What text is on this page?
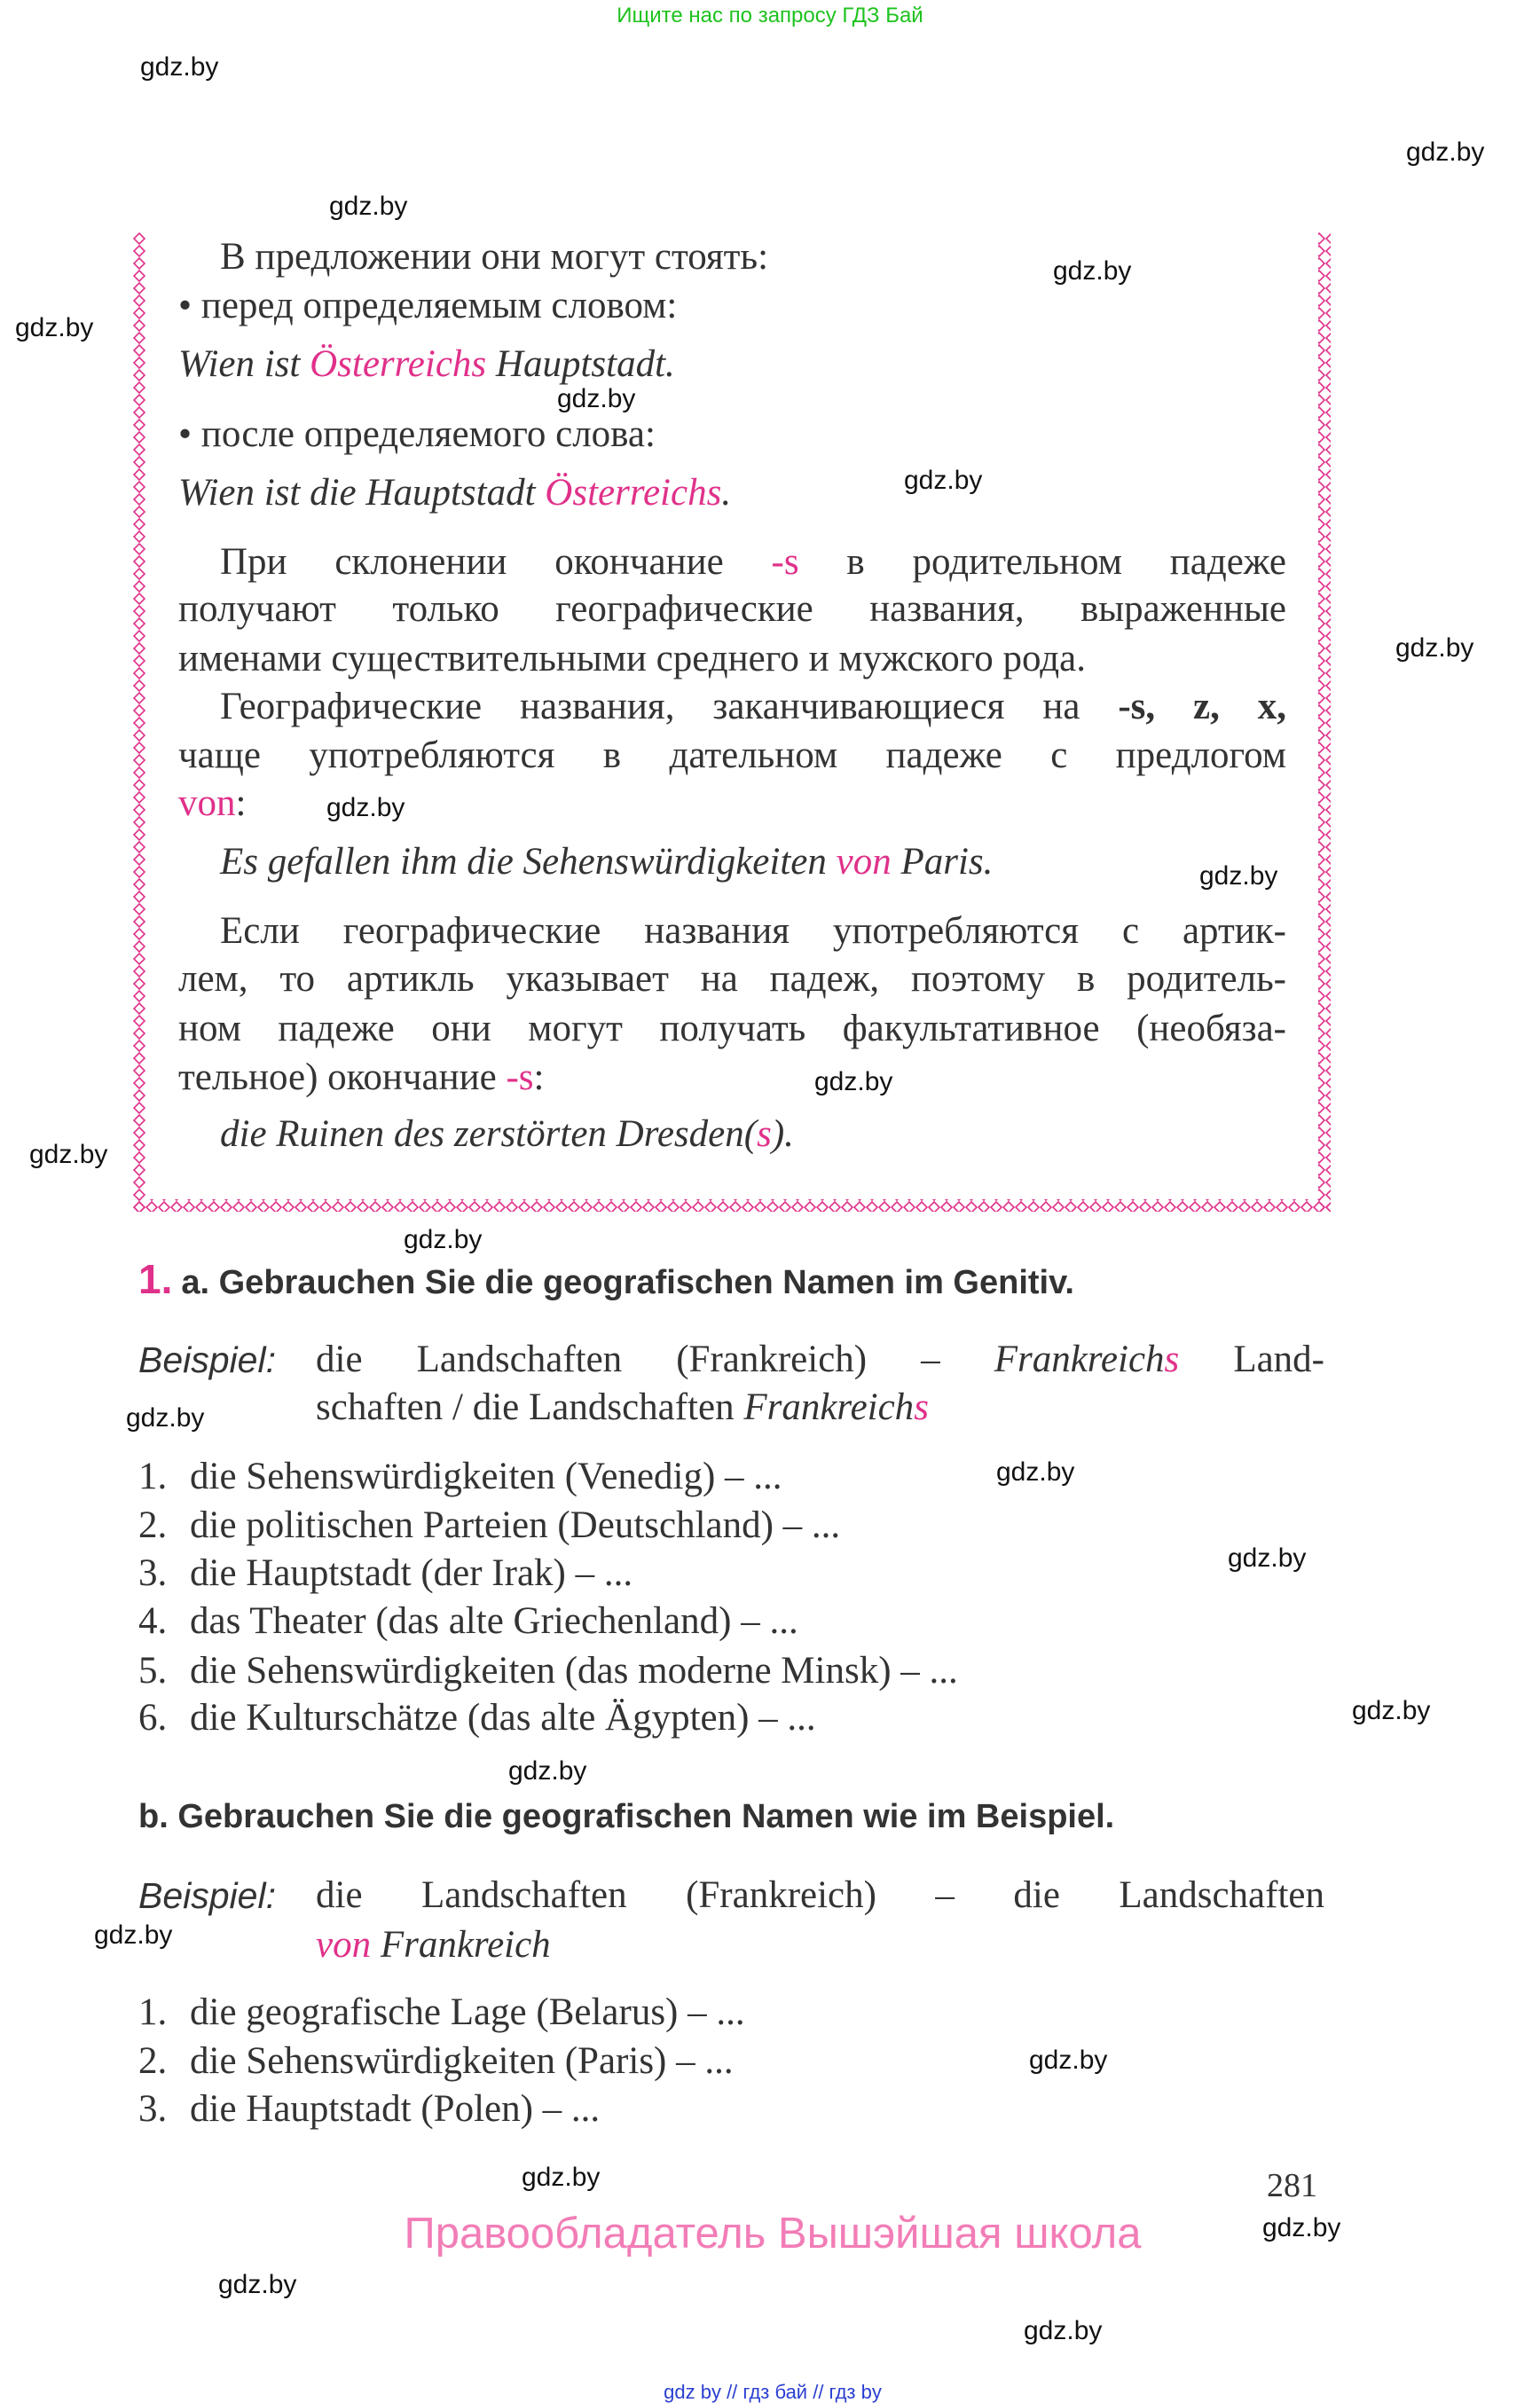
Ищите нас по запросу ГДЗ Бай
В предложении они могут стоять:
• перед определяемым словом:
Wien ist Österreichs Hauptstadt.
• после определяемого слова:
Wien ist die Hauptstadt Österreichs.
При склонении окончание -s в родительном падеже
получают только географические названия, выраженные
именами существительными среднего и мужского рода.
Географические названия, заканчивающиеся на -s, z, x,
чаще употребляются в дательном падеже с предлогом
von:
Es gefallen ihm die Sehenswürdigkeiten von Paris.
Если географические названия употребляются с артик-
лем, то артикль указывает на падеж, поэтому в родитель-
ном падеже они могут получать факультативное (необяза-
тельное) окончание -s:
die Ruinen des zerstörten Dresden(s).
1. a. Gebrauchen Sie die geografischen Namen im Genitiv.
Beispiel: die Landschaften (Frankreich) – Frankreichs Land-
schaften / die Landschaften Frankreichs
1. die Sehenswürdigkeiten (Venedig) – ...
2. die politischen Parteien (Deutschland) – ...
3. die Hauptstadt (der Irak) – ...
4. das Theater (das alte Griechenland) – ...
5. die Sehenswürdigkeiten (das moderne Minsk) – ...
6. die Kulturschätze (das alte Ägypten) – ...
b. Gebrauchen Sie die geografischen Namen wie im Beispiel.
Beispiel: die Landschaften (Frankreich) – die Landschaften
von Frankreich
1. die geografische Lage (Belarus) – ...
2. die Sehenswürdigkeiten (Paris) – ...
3. die Hauptstadt (Polen) – ...
281
Правообладатель Вышэйшая школа
gdz by // гдз бай // гдз by
gdz.by
gdz.by
gdz.by
gdz.by
gdz.by
gdz.by
gdz.by
gdz.by
gdz.by
gdz.by
gdz.by
gdz.by
gdz.by
gdz.by
gdz.by
gdz.by
gdz.by
gdz.by
gdz.by
gdz.by
gdz.by
gdz.by
gdz.by
gdz.by
